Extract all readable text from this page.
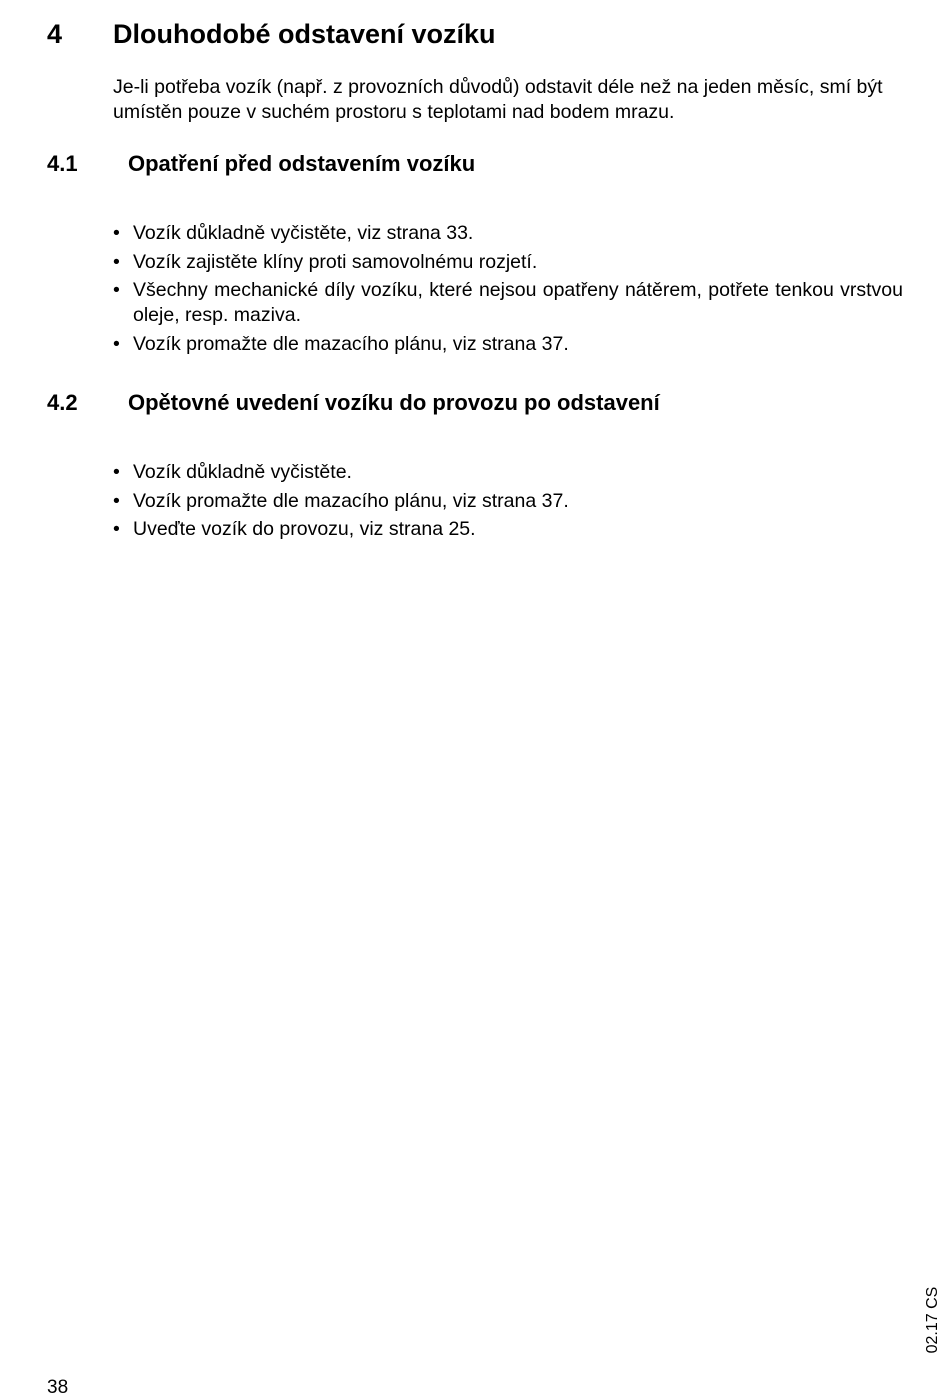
4 Dlouhodobé odstavení vozíku

Je-li potřeba vozík (např. z provozních důvodů) odstavit déle než na jeden měsíc, smí být umístěn pouze v suchém prostoru s teplotami nad bodem mrazu.

4.1 Opatření před odstavením vozíku
• Vozík důkladně vyčistěte, viz strana 33.
• Vozík zajistěte klíny proti samovolnému rozjetí.
• Všechny mechanické díly vozíku, které nejsou opatřeny nátěrem, potřete tenkou vrstvou oleje, resp. maziva.
• Vozík promažte dle mazacího plánu, viz strana 37.
4.2 Opětovné uvedení vozíku do provozu po odstavení
• Vozík důkladně vyčistěte.
• Vozík promažte dle mazacího plánu, viz strana 37.
• Uveďte vozík do provozu, viz strana 25.
02.17 CS
38
